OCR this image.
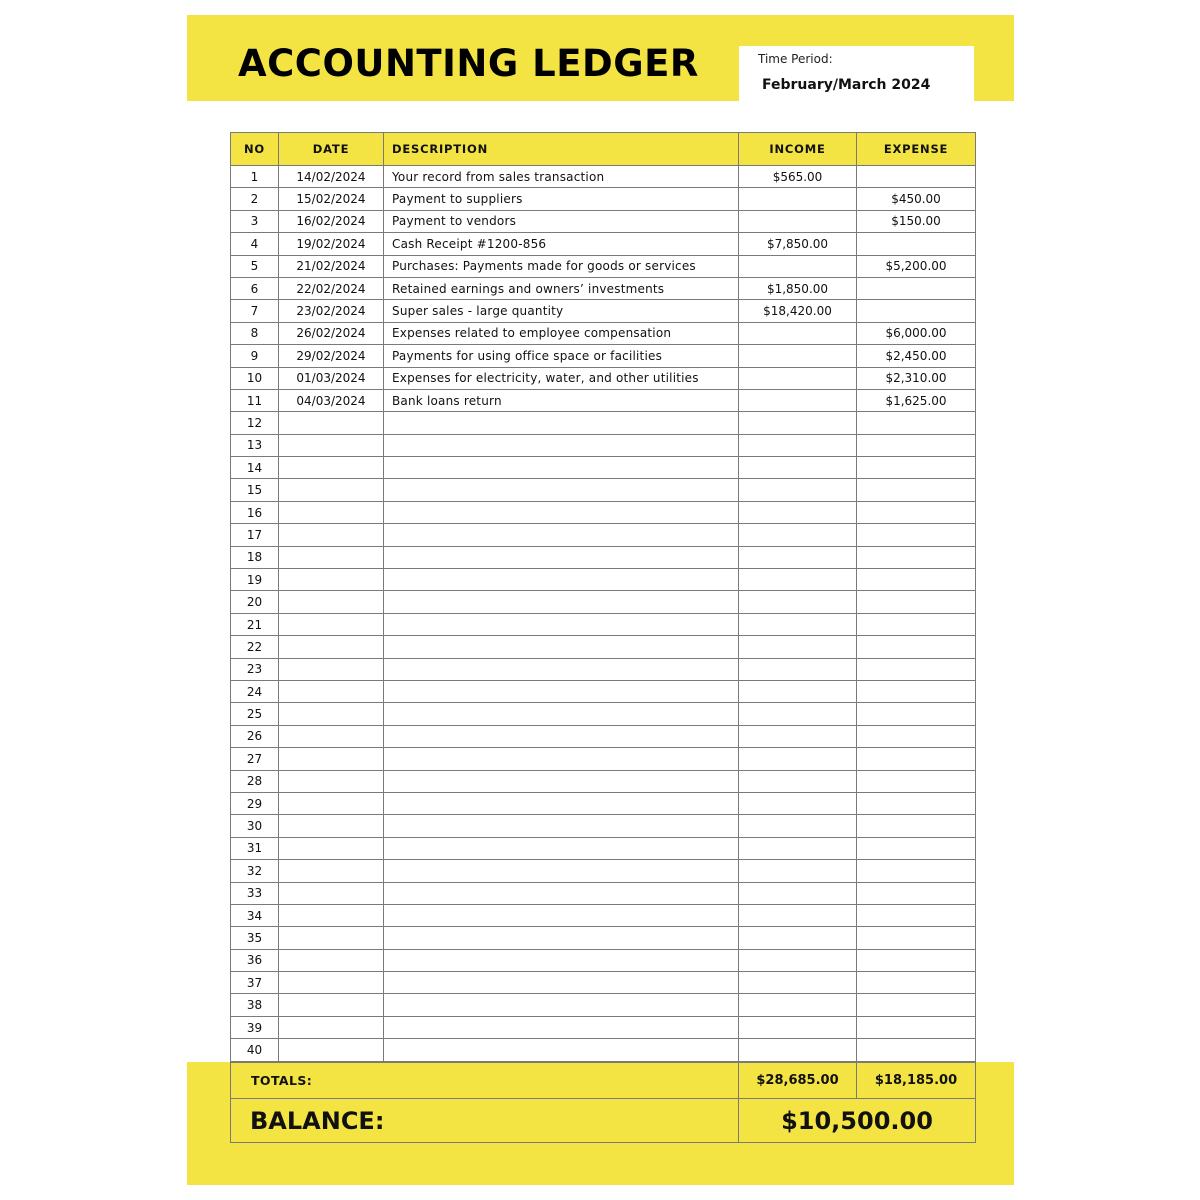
ACCOUNTING LEDGER	Time Period:
February/March 2024
NO	DATE	DESCRIPTION	INCOME	EXPENSE
1	14/02/2024	Your record from sales transaction	$565.00	
2	15/02/2024	Payment to suppliers		$450.00
3	16/02/2024	Payment to vendors		$150.00
4	19/02/2024	Cash Receipt #1200-856	$7,850.00	
5	21/02/2024	Purchases: Payments made for goods or services		$5,200.00
6	22/02/2024	Retained earnings and owners’ investments	$1,850.00	
7	23/02/2024	Super sales - large quantity	$18,420.00	
8	26/02/2024	Expenses related to employee compensation		$6,000.00
9	29/02/2024	Payments for using office space or facilities		$2,450.00
10	01/03/2024	Expenses for electricity, water, and other utilities		$2,310.00
11	04/03/2024	Bank loans return		$1,625.00
12				
13				
14				
15				
16				
17				
18				
19				
20				
21				
22				
23				
24				
25				
26				
27				
28				
29				
30				
31				
32				
33				
34				
35				
36				
37				
38				
39				
40				
TOTALS:	$28,685.00	$18,185.00
BALANCE:	$10,500.00	
